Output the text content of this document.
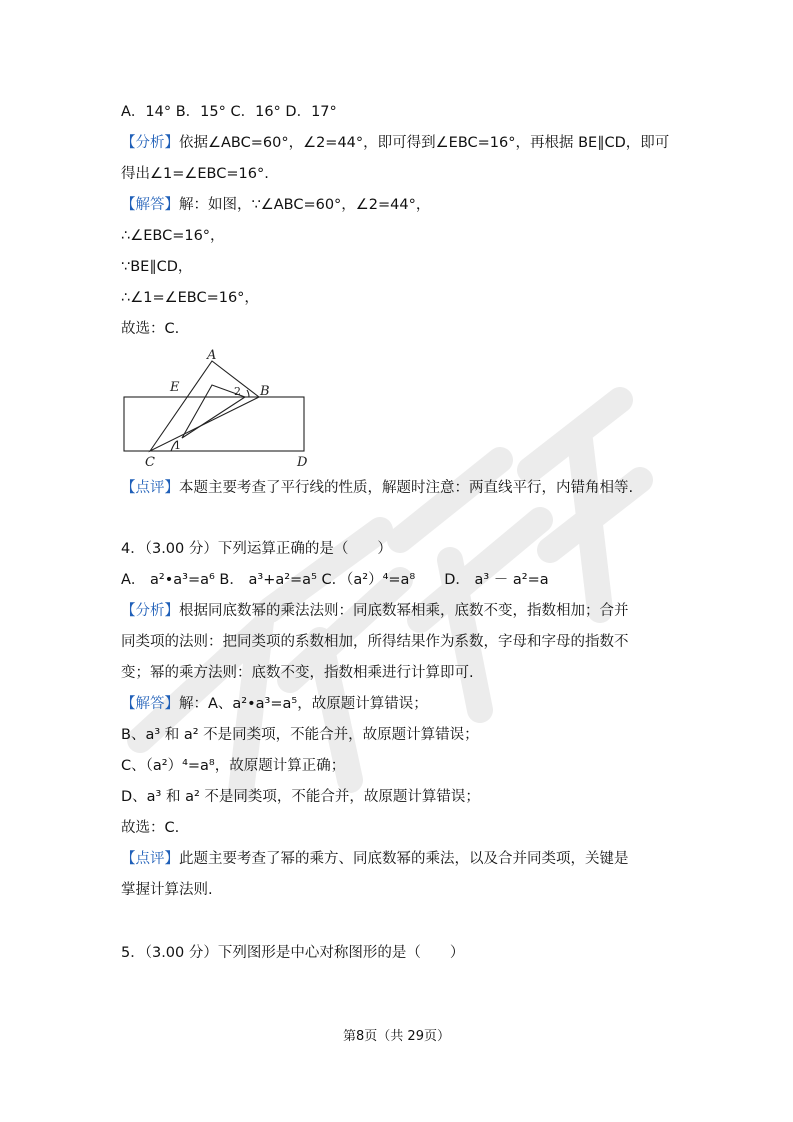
A．14° B．15° C．16° D．17°
【分析】依据∠ABC=60°，∠2=44°，即可得到∠EBC=16°，再根据 BE∥CD，即可
得出∠1=∠EBC=16°.
【解答】解：如图，∵∠ABC=60°，∠2=44°，
∴∠EBC=16°，
∵BE∥CD，
∴∠1=∠EBC=16°，
故选：C.
A
E	B
C	D
1
2
【点评】本题主要考查了平行线的性质，解题时注意：两直线平行，内错角相等.
4．（3.00 分）下列运算正确的是（　　）
A． a²•a³=a⁶ B． a³+a²=a⁵ C．（a²）⁴=a⁸　　D． a³ － a²=a
【分析】根据同底数幂的乘法法则：同底数幂相乘，底数不变，指数相加；合并
同类项的法则：把同类项的系数相加，所得结果作为系数，字母和字母的指数不
变；幂的乘方法则：底数不变，指数相乘进行计算即可.
【解答】解：A、a²•a³=a⁵，故原题计算错误；
B、a³ 和 a² 不是同类项，不能合并，故原题计算错误；
C、（a²）⁴=a⁸，故原题计算正确；
D、a³ 和 a² 不是同类项，不能合并，故原题计算错误；
故选：C.
【点评】此题主要考查了幂的乘方、同底数幂的乘法，以及合并同类项，关键是
掌握计算法则.
5．（3.00 分）下列图形是中心对称图形的是（　　）
第8页（共 29页）
